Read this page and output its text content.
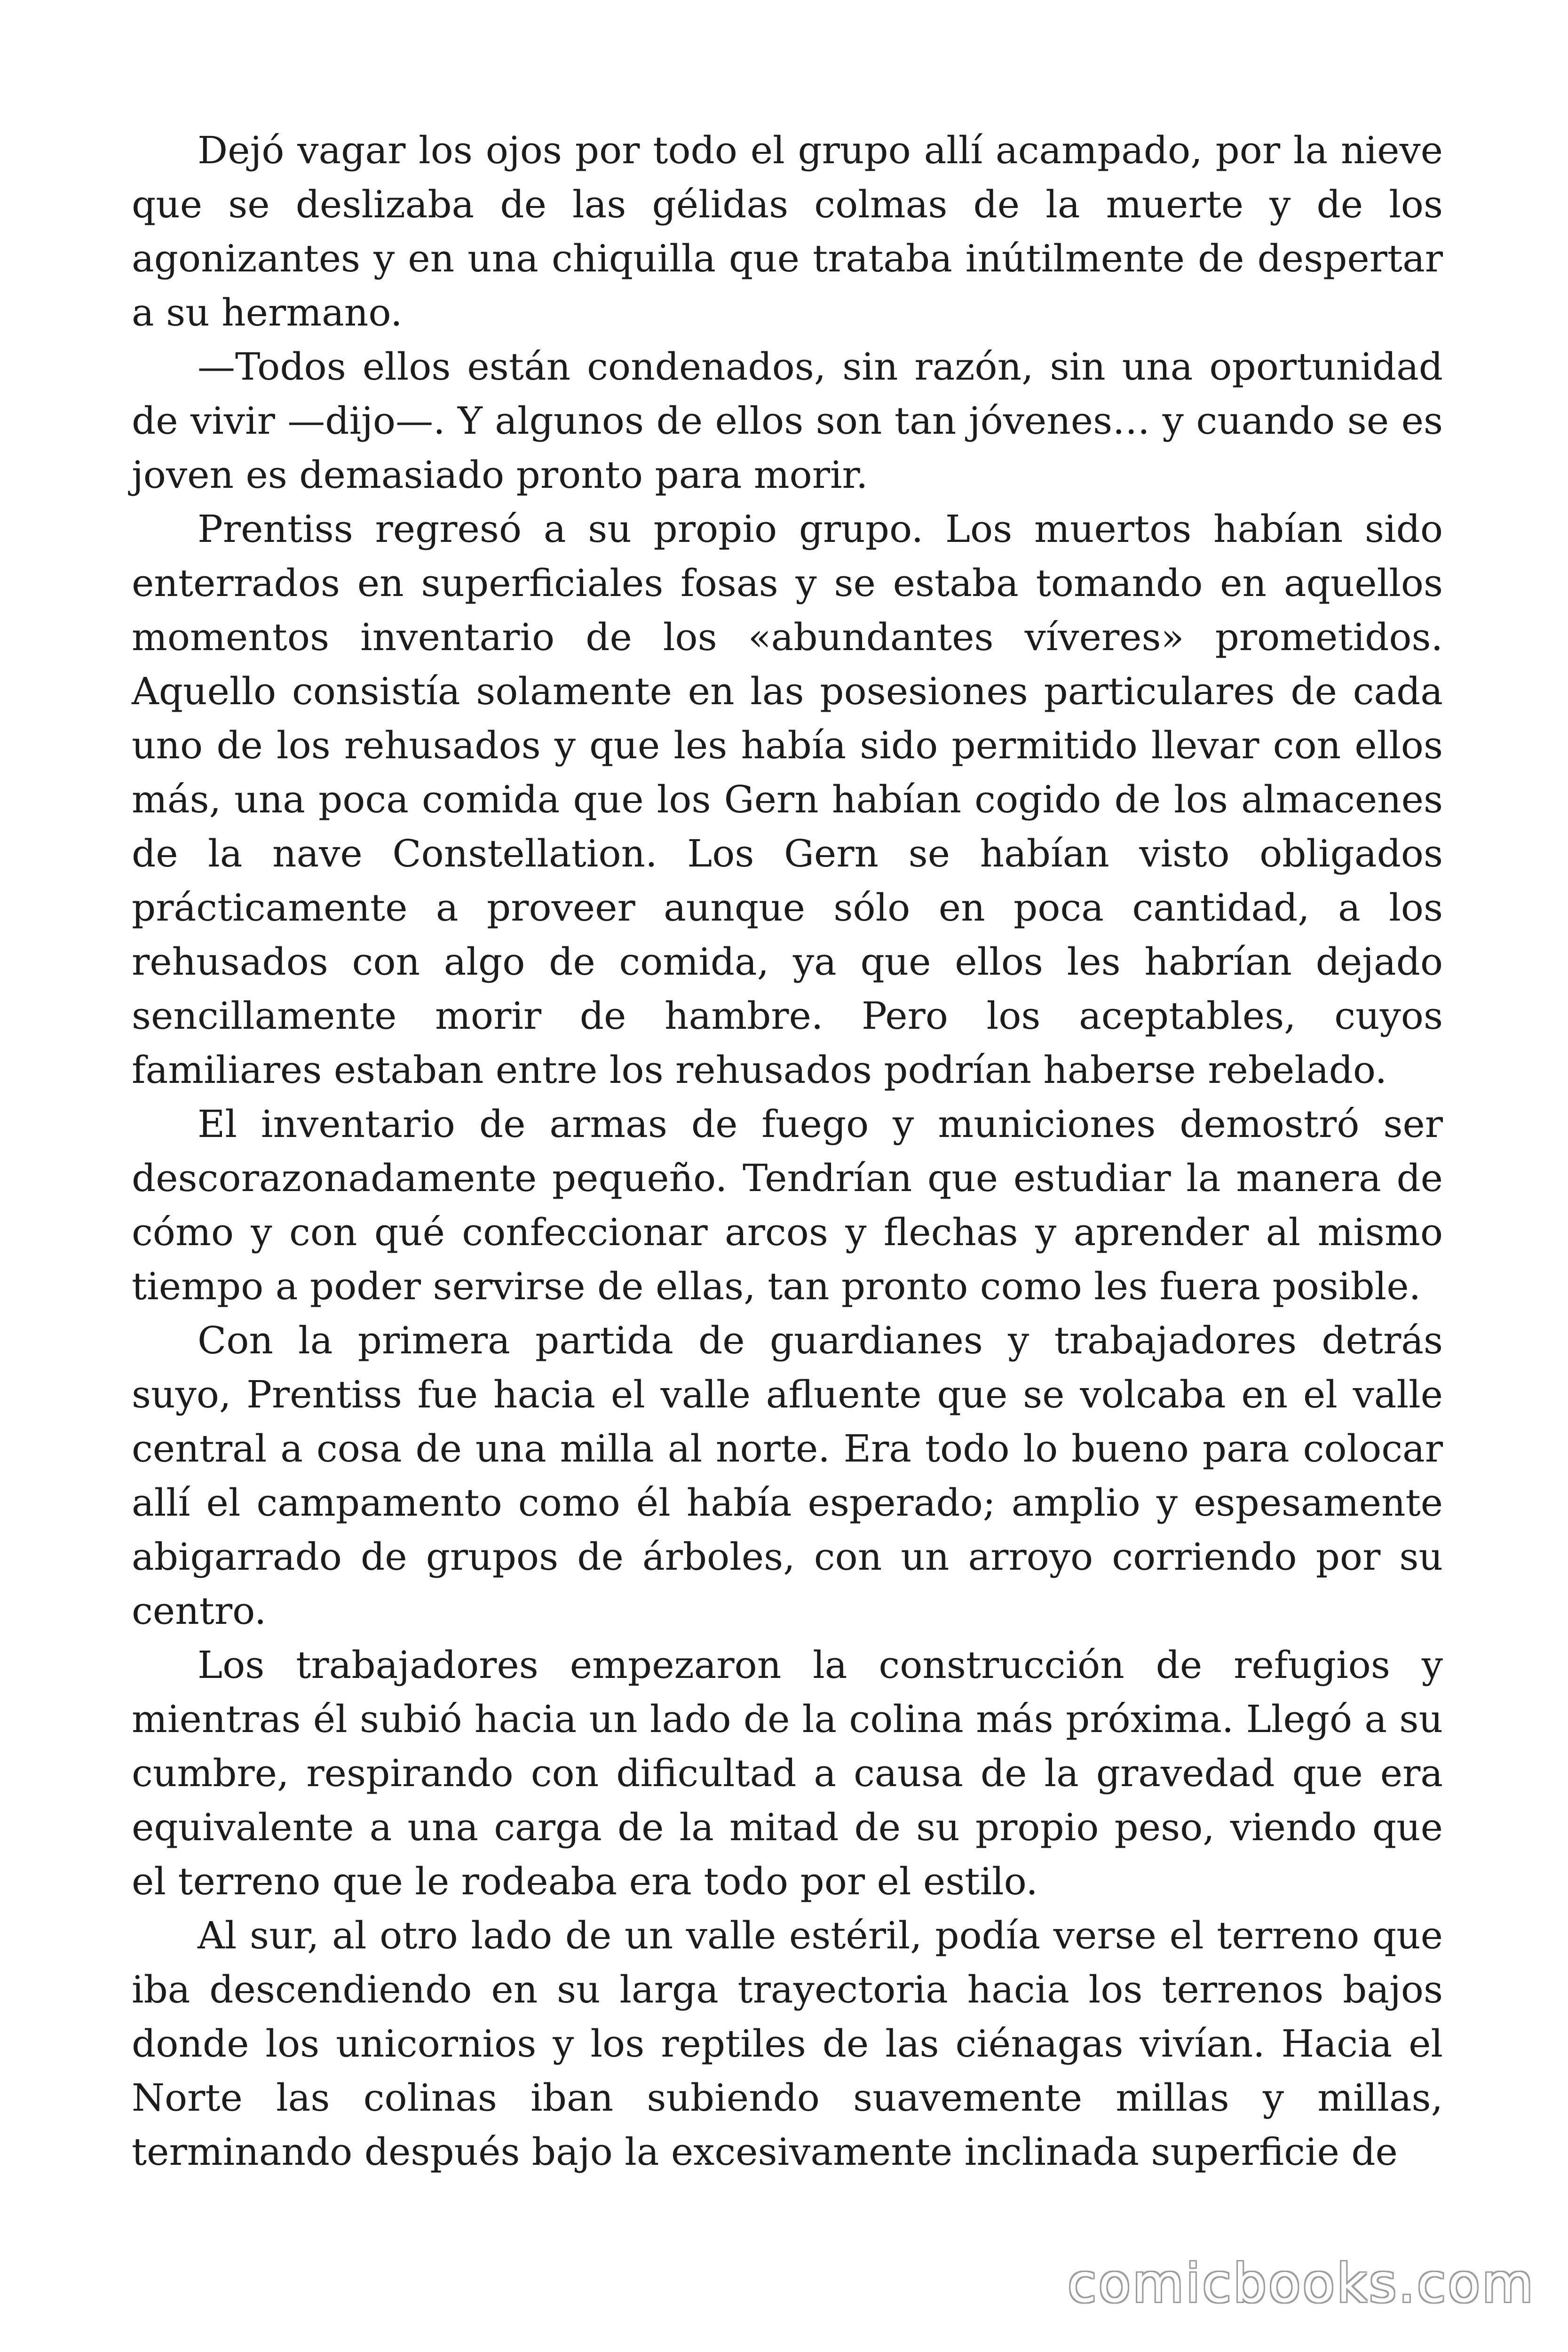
Dejó vagar los ojos por todo el grupo allí acampado, por la nieve que se deslizaba de las gélidas colmas de la muerte y de los agonizantes y en una chiquilla que trataba inútilmente de despertar a su hermano.

—Todos ellos están condenados, sin razón, sin una oportunidad de vivir —dijo—. Y algunos de ellos son tan jóvenes… y cuando se es joven es demasiado pronto para morir.

Prentiss regresó a su propio grupo. Los muertos habían sido enterrados en superficiales fosas y se estaba tomando en aquellos momentos inventario de los «abundantes víveres» prometidos. Aquello consistía solamente en las posesiones particulares de cada uno de los rehusados y que les había sido permitido llevar con ellos más, una poca comida que los Gern habían cogido de los almacenes de la nave Constellation. Los Gern se habían visto obligados prácticamente a proveer aunque sólo en poca cantidad, a los rehusados con algo de comida, ya que ellos les habrían dejado sencillamente morir de hambre. Pero los aceptables, cuyos familiares estaban entre los rehusados podrían haberse rebelado.

El inventario de armas de fuego y municiones demostró ser descorazonadamente pequeño. Tendrían que estudiar la manera de cómo y con qué confeccionar arcos y flechas y aprender al mismo tiempo a poder servirse de ellas, tan pronto como les fuera posible.

Con la primera partida de guardianes y trabajadores detrás suyo, Prentiss fue hacia el valle afluente que se volcaba en el valle central a cosa de una milla al norte. Era todo lo bueno para colocar allí el campamento como él había esperado; amplio y espesamente abigarrado de grupos de árboles, con un arroyo corriendo por su centro.

Los trabajadores empezaron la construcción de refugios y mientras él subió hacia un lado de la colina más próxima. Llegó a su cumbre, respirando con dificultad a causa de la gravedad que era equivalente a una carga de la mitad de su propio peso, viendo que el terreno que le rodeaba era todo por el estilo.

Al sur, al otro lado de un valle estéril, podía verse el terreno que iba descendiendo en su larga trayectoria hacia los terrenos bajos donde los unicornios y los reptiles de las ciénagas vivían. Hacia el Norte las colinas iban subiendo suavemente millas y millas, terminando después bajo la excesivamente inclinada superficie de

comicbooks.com
